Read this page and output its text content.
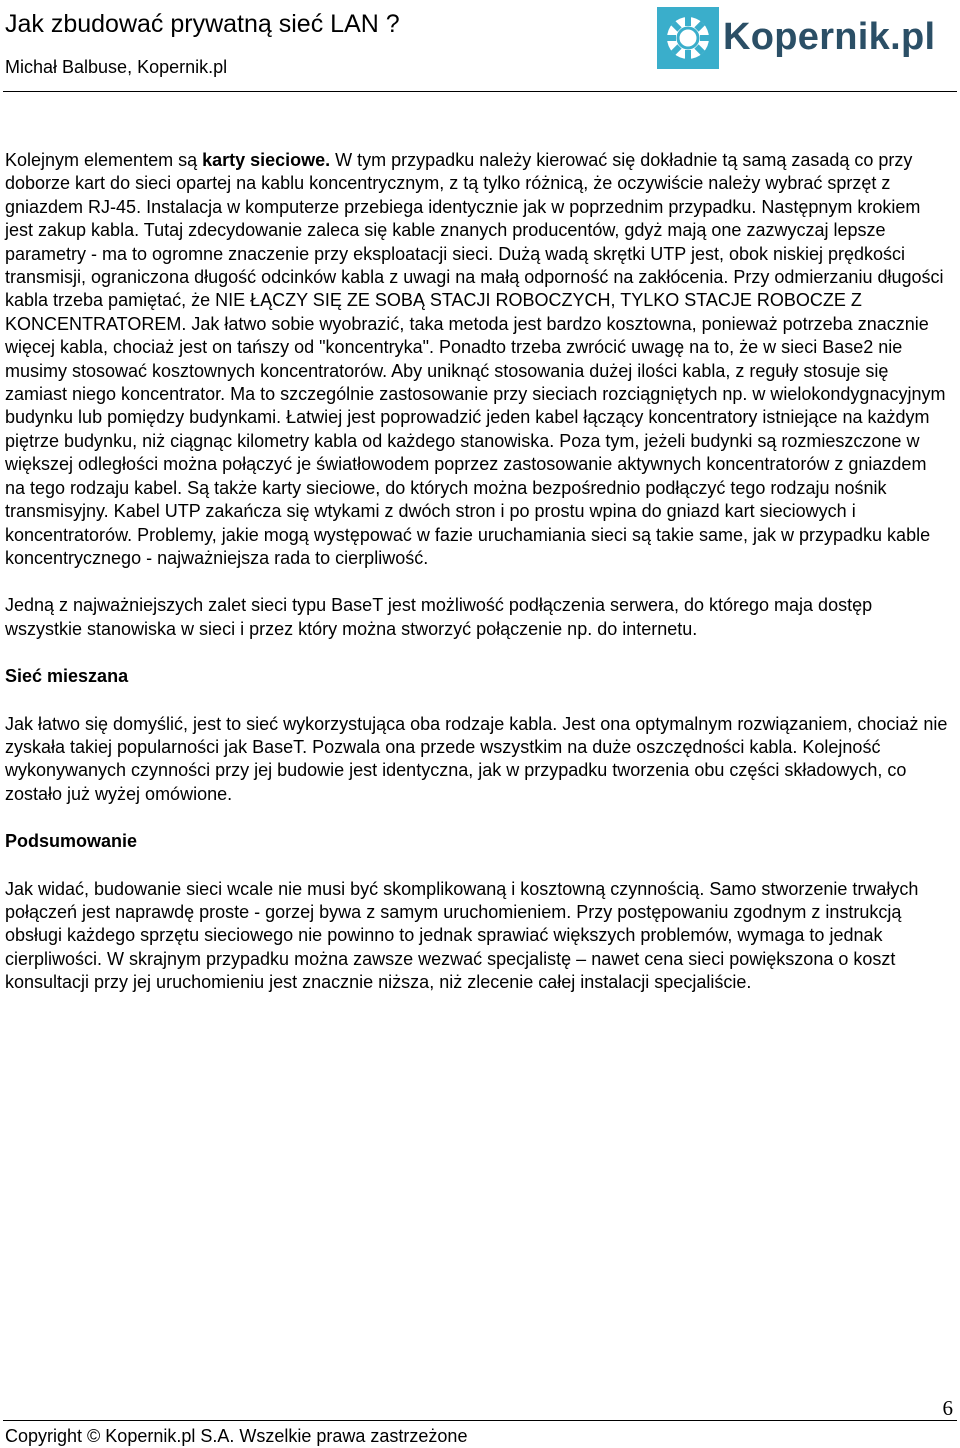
Jak zbudować prywatną sieć LAN ?
Michał Balbuse, Kopernik.pl
Kopernik.pl

Kolejnym elementem są karty sieciowe. W tym przypadku należy kierować się dokładnie tą samą zasadą co przy doborze kart do sieci opartej na kablu koncentrycznym, z tą tylko różnicą, że oczywiście należy wybrać sprzęt z gniazdem RJ-45. Instalacja w komputerze przebiega identycznie jak w poprzednim przypadku. Następnym krokiem jest zakup kabla. Tutaj zdecydowanie zaleca się kable znanych producentów, gdyż mają one zazwyczaj lepsze parametry - ma to ogromne znaczenie przy eksploatacji sieci. Dużą wadą skrętki UTP jest, obok niskiej prędkości transmisji, ograniczona długość odcinków kabla z uwagi na małą odporność na zakłócenia. Przy odmierzaniu długości kabla trzeba pamiętać, że NIE ŁĄCZY SIĘ ZE SOBĄ STACJI ROBOCZYCH, TYLKO STACJE ROBOCZE Z KONCENTRATOREM. Jak łatwo sobie wyobrazić, taka metoda jest bardzo kosztowna, ponieważ potrzeba znacznie więcej kabla, chociaż jest on tańszy od "koncentryka". Ponadto trzeba zwrócić uwagę na to, że w sieci Base2 nie musimy stosować kosztownych koncentratorów. Aby uniknąć stosowania dużej ilości kabla, z reguły stosuje się zamiast niego koncentrator. Ma to szczególnie zastosowanie przy sieciach rozciągniętych np. w wielokondygnacyjnym budynku lub pomiędzy budynkami. Łatwiej jest poprowadzić jeden kabel łączący koncentratory istniejące na każdym piętrze budynku, niż ciągnąc kilometry kabla od każdego stanowiska. Poza tym, jeżeli budynki są rozmieszczone w większej odległości można połączyć je światłowodem poprzez zastosowanie aktywnych koncentratorów z gniazdem na tego rodzaju kabel. Są także karty sieciowe, do których można bezpośrednio podłączyć tego rodzaju nośnik transmisyjny. Kabel UTP zakańcza się wtykami z dwóch stron i po prostu wpina do gniazd kart sieciowych i koncentratorów. Problemy, jakie mogą występować w fazie uruchamiania sieci są takie same, jak w przypadku kable koncentrycznego - najważniejsza rada to cierpliwość.

Jedną z najważniejszych zalet sieci typu BaseT jest możliwość podłączenia serwera, do którego maja dostęp wszystkie stanowiska w sieci i przez który można stworzyć połączenie np. do internetu.

Sieć mieszana

Jak łatwo się domyślić, jest to sieć wykorzystująca oba rodzaje kabla. Jest ona optymalnym rozwiązaniem, chociaż nie zyskała takiej popularności jak BaseT. Pozwala ona przede wszystkim na duże oszczędności kabla. Kolejność wykonywanych czynności przy jej budowie jest identyczna, jak w przypadku tworzenia obu części składowych, co zostało już wyżej omówione.

Podsumowanie

Jak widać, budowanie sieci wcale nie musi być skomplikowaną i kosztowną czynnością. Samo stworzenie trwałych połączeń jest naprawdę proste - gorzej bywa z samym uruchomieniem. Przy postępowaniu zgodnym z instrukcją obsługi każdego sprzętu sieciowego nie powinno to jednak sprawiać większych problemów, wymaga to jednak cierpliwości. W skrajnym przypadku można zawsze wezwać specjalistę – nawet cena sieci powiększona o koszt konsultacji przy jej uruchomieniu jest znacznie niższa, niż zlecenie całej instalacji specjaliście.

6
Copyright © Kopernik.pl S.A. Wszelkie prawa zastrzeżone
